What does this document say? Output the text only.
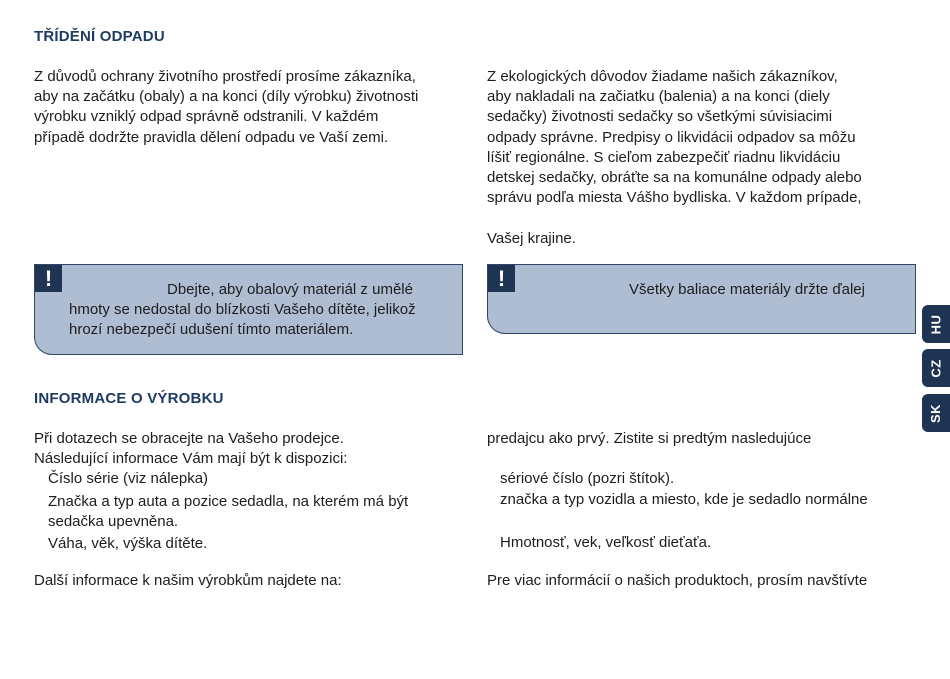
TŘÍDĚNÍ ODPADU

Z důvodů ochrany životního prostředí prosíme zákazníka,
aby na začátku (obaly) a na konci (díly výrobku) životnosti
výrobku vzniklý odpad správně odstranili. V každém
případě dodržte pravidla dělení odpadu ve Vaší zemi.

!	Dbejte, aby obalový materiál z umělé

hmoty se nedostal do blízkosti Vašeho dítěte, jelikož
hrozí nebezpečí udušení tímto materiálem.

INFORMACE O VÝROBKU

Při dotazech se obracejte na Vašeho prodejce.
Následující informace Vám mají být k dispozici:

Číslo série (viz nálepka)

Značka a typ auta a pozice sedadla, na kterém má být
sedačka upevněna.

Váha, věk, výška dítěte.

Další informace k našim výrobkům najdete na:

Z ekologických dôvodov žiadame našich zákazníkov,
aby nakladali na začiatku (balenia) a na konci (diely
sedačky) životnosti sedačky so všetkými súvisiacimi
odpady správne. Predpisy o likvidácii odpadov sa môžu
líšiť regionálne. S cieľom zabezpečiť riadnu likvidáciu
detskej sedačky, obráťte sa na komunálne odpady alebo
správu podľa miesta Vášho bydliska. V každom prípade,

Vašej krajine.

!	Všetky baliace materiály držte ďalej

predajcu ako prvý. Zistite si predtým nasledujúce

sériové číslo (pozri štítok).

značka a typ vozidla a miesto, kde je sedadlo normálne

Hmotnosť, vek, veľkosť dieťaťa.

Pre viac informácií o našich produktoch, prosím navštívte

HU
CZ
SK
